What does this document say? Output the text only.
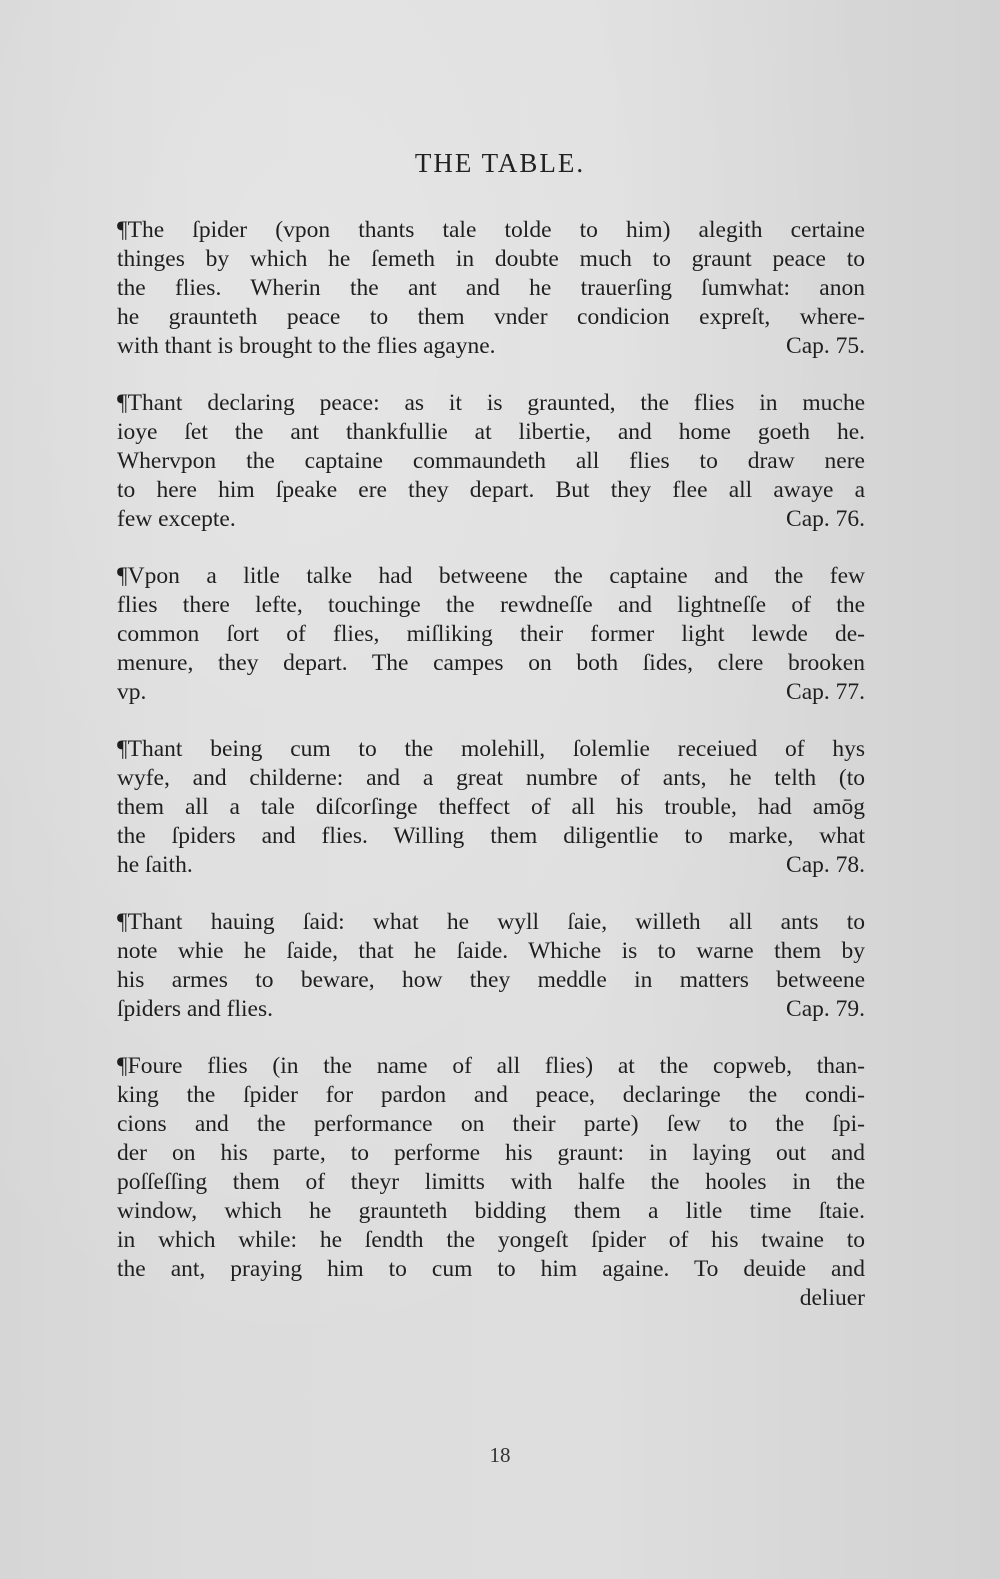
THE TABLE.
¶The ſpider (vpon thants tale tolde to him) alegith certaine
thinges by which he ſemeth in doubte much to graunt peace to
the flies. Wherin the ant and he trauerſing ſumwhat: anon
he graunteth peace to them vnder condicion expreſt, where-
with thant is brought to the flies agayne.	Cap. 75.
¶Thant declaring peace: as it is graunted, the flies in muche
ioye ſet the ant thankfullie at libertie, and home goeth he.
Whervpon the captaine commaundeth all flies to draw nere
to here him ſpeake ere they depart. But they flee all awaye a
few excepte.	Cap. 76.
¶Vpon a litle talke had betweene the captaine and the few
flies there lefte, touchinge the rewdneſſe and lightneſſe of the
common ſort of flies, miſliking their former light lewde de-
menure, they depart. The campes on both ſides, clere brooken
vp.	Cap. 77.
¶Thant being cum to the molehill, ſolemlie receiued of hys
wyfe, and childerne: and a great numbre of ants, he telth (to
them all a tale diſcorſinge theffect of all his trouble, had amōg
the ſpiders and flies. Willing them diligentlie to marke, what
he ſaith.	Cap. 78.
¶Thant hauing ſaid: what he wyll ſaie, willeth all ants to
note whie he ſaide, that he ſaide. Whiche is to warne them by
his armes to beware, how they meddle in matters betweene
ſpiders and flies.	Cap. 79.
¶Foure flies (in the name of all flies) at the copweb, than-
king the ſpider for pardon and peace, declaringe the condi-
cions and the performance on their parte) ſew to the ſpi-
der on his parte, to performe his graunt: in laying out and
poſſeſſing them of theyr limitts with halfe the hooles in the
window, which he graunteth bidding them a litle time ſtaie.
in which while: he ſendth the yongeſt ſpider of his twaine to
the ant, praying him to cum to him againe. To deuide and
deliuer
18
